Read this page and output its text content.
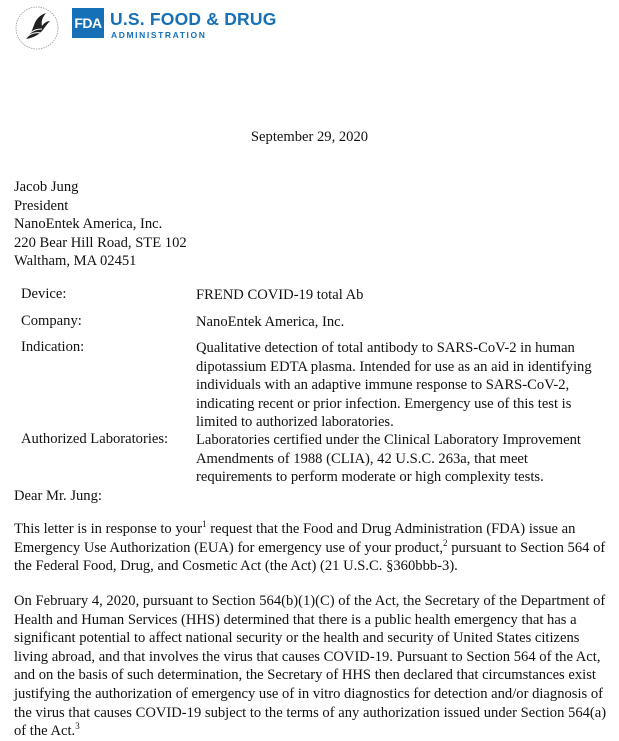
FDA U.S. FOOD & DRUG
ADMINISTRATION
September 29, 2020
Jacob Jung
President
NanoEntek America, Inc.
220 Bear Hill Road, STE 102
Waltham, MA 02451
Device:	FREND COVID-19 total Ab
Company:	NanoEntek America, Inc.
Indication:	Qualitative detection of total antibody to SARS-CoV-2 in human dipotassium EDTA plasma. Intended for use as an aid in identifying individuals with an adaptive immune response to SARS-CoV-2, indicating recent or prior infection. Emergency use of this test is limited to authorized laboratories.
Authorized Laboratories: Laboratories certified under the Clinical Laboratory Improvement Amendments of 1988 (CLIA), 42 U.S.C. 263a, that meet requirements to perform moderate or high complexity tests.
Dear Mr. Jung:
This letter is in response to your$^1$ request that the Food and Drug Administration (FDA) issue an Emergency Use Authorization (EUA) for emergency use of your product,$^2$ pursuant to Section 564 of the Federal Food, Drug, and Cosmetic Act (the Act) (21 U.S.C. §360bbb-3).
On February 4, 2020, pursuant to Section 564(b)(1)(C) of the Act, the Secretary of the Department of Health and Human Services (HHS) determined that there is a public health emergency that has a significant potential to affect national security or the health and security of United States citizens living abroad, and that involves the virus that causes COVID-19. Pursuant to Section 564 of the Act, and on the basis of such determination, the Secretary of HHS then declared that circumstances exist justifying the authorization of emergency use of in vitro diagnostics for detection and/or diagnosis of the virus that causes COVID-19 subject to the terms of any authorization issued under Section 564(a) of the Act.$^3$
